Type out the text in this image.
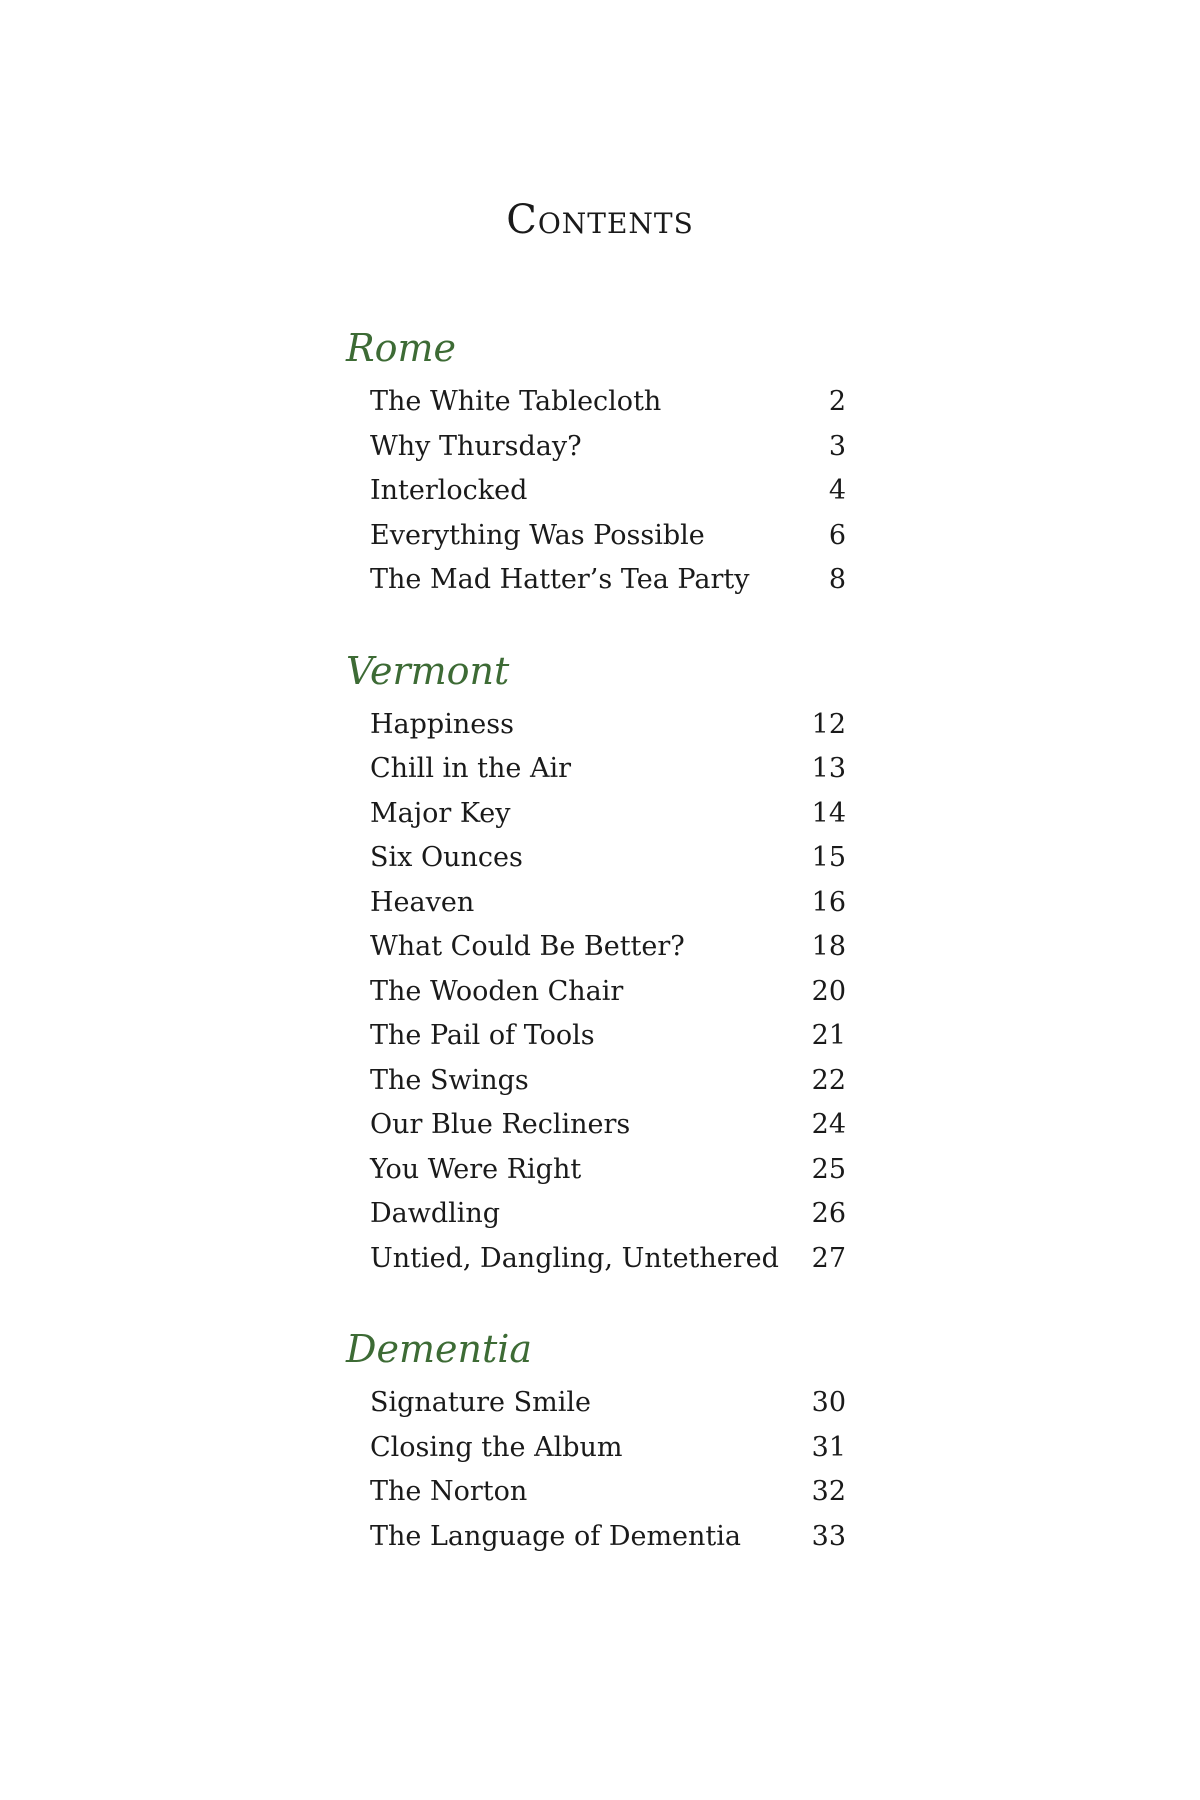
Contents
Rome
The White Tablecloth	2
Why Thursday?	3
Interlocked	4
Everything Was Possible	6
The Mad Hatter’s Tea Party	8
Vermont
Happiness	12
Chill in the Air	13
Major Key	14
Six Ounces	15
Heaven	16
What Could Be Better?	18
The Wooden Chair	20
The Pail of Tools	21
The Swings	22
Our Blue Recliners	24
You Were Right	25
Dawdling	26
Untied, Dangling, Untethered	27
Dementia
Signature Smile	30
Closing the Album	31
The Norton	32
The Language of Dementia	33
